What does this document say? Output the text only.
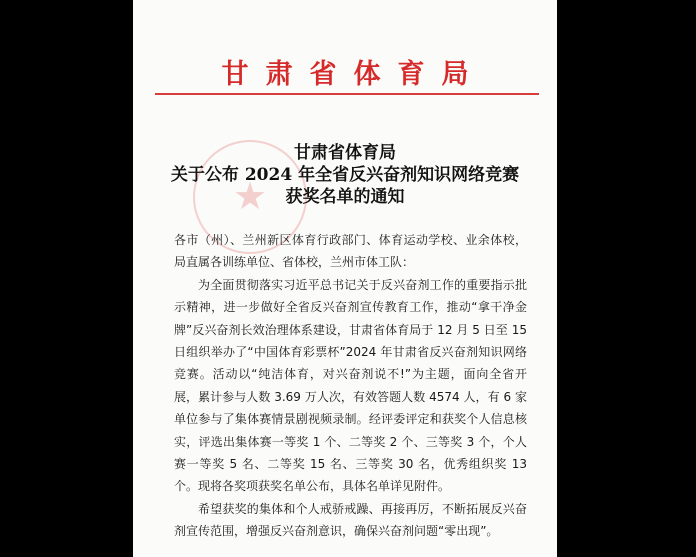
甘肃省体育局
★
甘肃省体育局
关于公布 2024 年全省反兴奋剂知识网络竞赛
获奖名单的通知

各市（州）、兰州新区体育行政部门、体育运动学校、业余体校，局直属各训练单位、省体校，兰州市体工队：

为全面贯彻落实习近平总书记关于反兴奋剂工作的重要指示批示精神，进一步做好全省反兴奋剂宣传教育工作，推动“拿干净金牌”反兴奋剂长效治理体系建设，甘肃省体育局于 12 月 5 日至 15 日组织举办了“中国体育彩票杯”2024 年甘肃省反兴奋剂知识网络竞赛。活动以“纯洁体育，对兴奋剂说不!”为主题，面向全省开展，累计参与人数 3.69 万人次，有效答题人数 4574 人，有 6 家单位参与了集体赛情景剧视频录制。经评委评定和获奖个人信息核实，评选出集体赛一等奖 1 个、二等奖 2 个、三等奖 3 个，个人赛一等奖 5 名、二等奖 15 名、三等奖 30 名，优秀组织奖 13 个。现将各奖项获奖名单公布，具体名单详见附件。

希望获奖的集体和个人戒骄戒躁、再接再厉，不断拓展反兴奋剂宣传范围，增强反兴奋剂意识，确保兴奋剂问题“零出现”。
